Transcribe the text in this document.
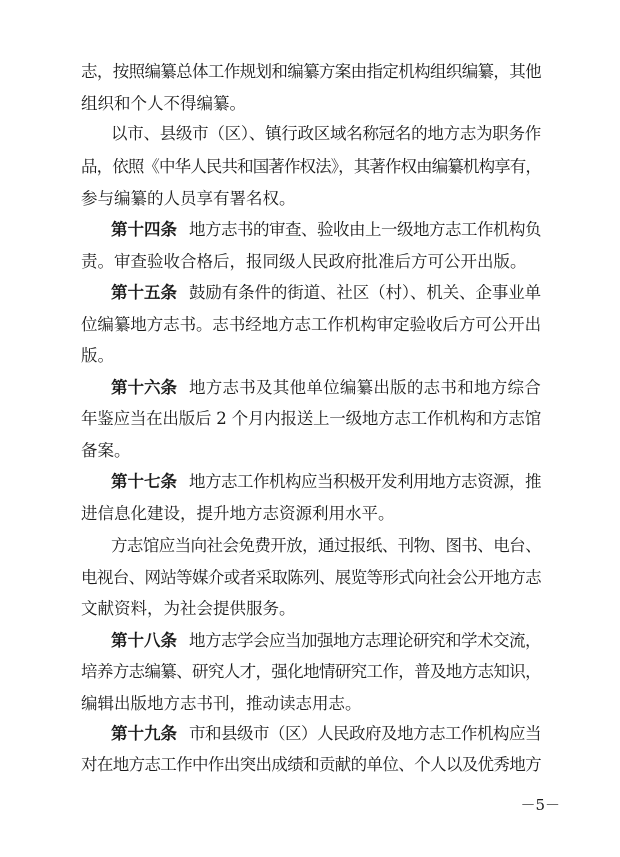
志，按照编纂总体工作规划和编纂方案由指定机构组织编纂，其他
组织和个人不得编纂。
以市、县级市（区）、镇行政区域名称冠名的地方志为职务作
品，依照《中华人民共和国著作权法》，其著作权由编纂机构享有，
参与编纂的人员享有署名权。
第十四条 地方志书的审查、验收由上一级地方志工作机构负
责。审查验收合格后，报同级人民政府批准后方可公开出版。
第十五条 鼓励有条件的街道、社区（村）、机关、企事业单
位编纂地方志书。志书经地方志工作机构审定验收后方可公开出
版。
第十六条 地方志书及其他单位编纂出版的志书和地方综合
年鉴应当在出版后 2 个月内报送上一级地方志工作机构和方志馆
备案。
第十七条 地方志工作机构应当积极开发利用地方志资源，推
进信息化建设，提升地方志资源利用水平。
方志馆应当向社会免费开放，通过报纸、刊物、图书、电台、
电视台、网站等媒介或者采取陈列、展览等形式向社会公开地方志
文献资料，为社会提供服务。
第十八条 地方志学会应当加强地方志理论研究和学术交流，
培养方志编纂、研究人才，强化地情研究工作，普及地方志知识，
编辑出版地方志书刊，推动读志用志。
第十九条 市和县级市（区）人民政府及地方志工作机构应当
对在地方志工作中作出突出成绩和贡献的单位、个人以及优秀地方
－5－
